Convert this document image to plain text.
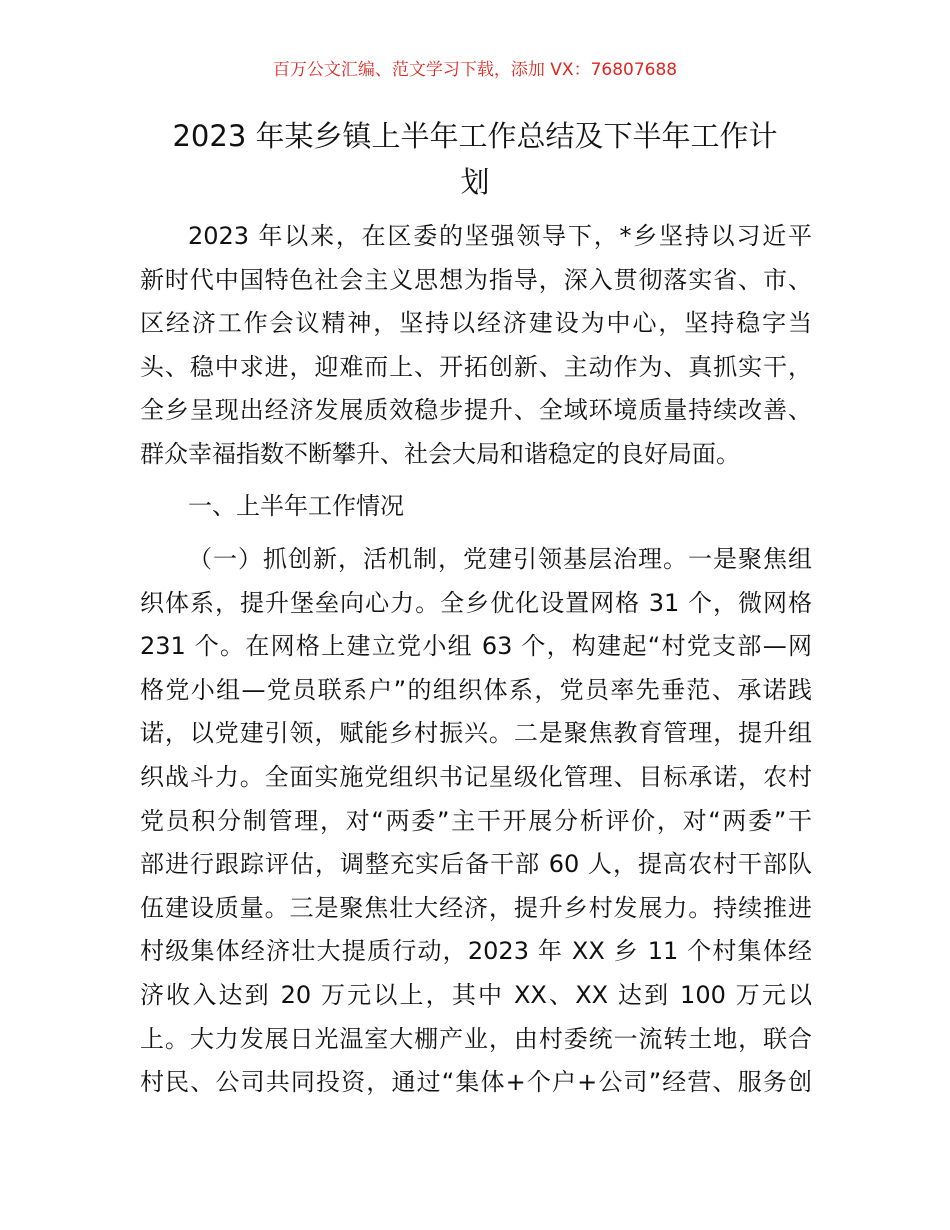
百万公文汇编、范文学习下载，添加 VX：76807688
2023 年某乡镇上半年工作总结及下半年工作计
划
2023 年以来，在区委的坚强领导下，*乡坚持以习近平
新时代中国特色社会主义思想为指导，深入贯彻落实省、市、
区经济工作会议精神，坚持以经济建设为中心，坚持稳字当
头、稳中求进，迎难而上、开拓创新、主动作为、真抓实干，
全乡呈现出经济发展质效稳步提升、全域环境质量持续改善、
群众幸福指数不断攀升、社会大局和谐稳定的良好局面。
一、上半年工作情况
（一）抓创新，活机制，党建引领基层治理。一是聚焦组
织体系，提升堡垒向心力。全乡优化设置网格 31 个，微网格
231 个。在网格上建立党小组 63 个，构建起“村党支部—网
格党小组—党员联系户”的组织体系，党员率先垂范、承诺践
诺，以党建引领，赋能乡村振兴。二是聚焦教育管理，提升组
织战斗力。全面实施党组织书记星级化管理、目标承诺，农村
党员积分制管理，对“两委”主干开展分析评价，对“两委”干
部进行跟踪评估，调整充实后备干部 60 人，提高农村干部队
伍建设质量。三是聚焦壮大经济，提升乡村发展力。持续推进
村级集体经济壮大提质行动，2023 年 XX 乡 11 个村集体经
济收入达到 20 万元以上，其中 XX、XX 达到 100 万元以
上。大力发展日光温室大棚产业，由村委统一流转土地，联合
村民、公司共同投资，通过“集体+个户+公司”经营、服务创
